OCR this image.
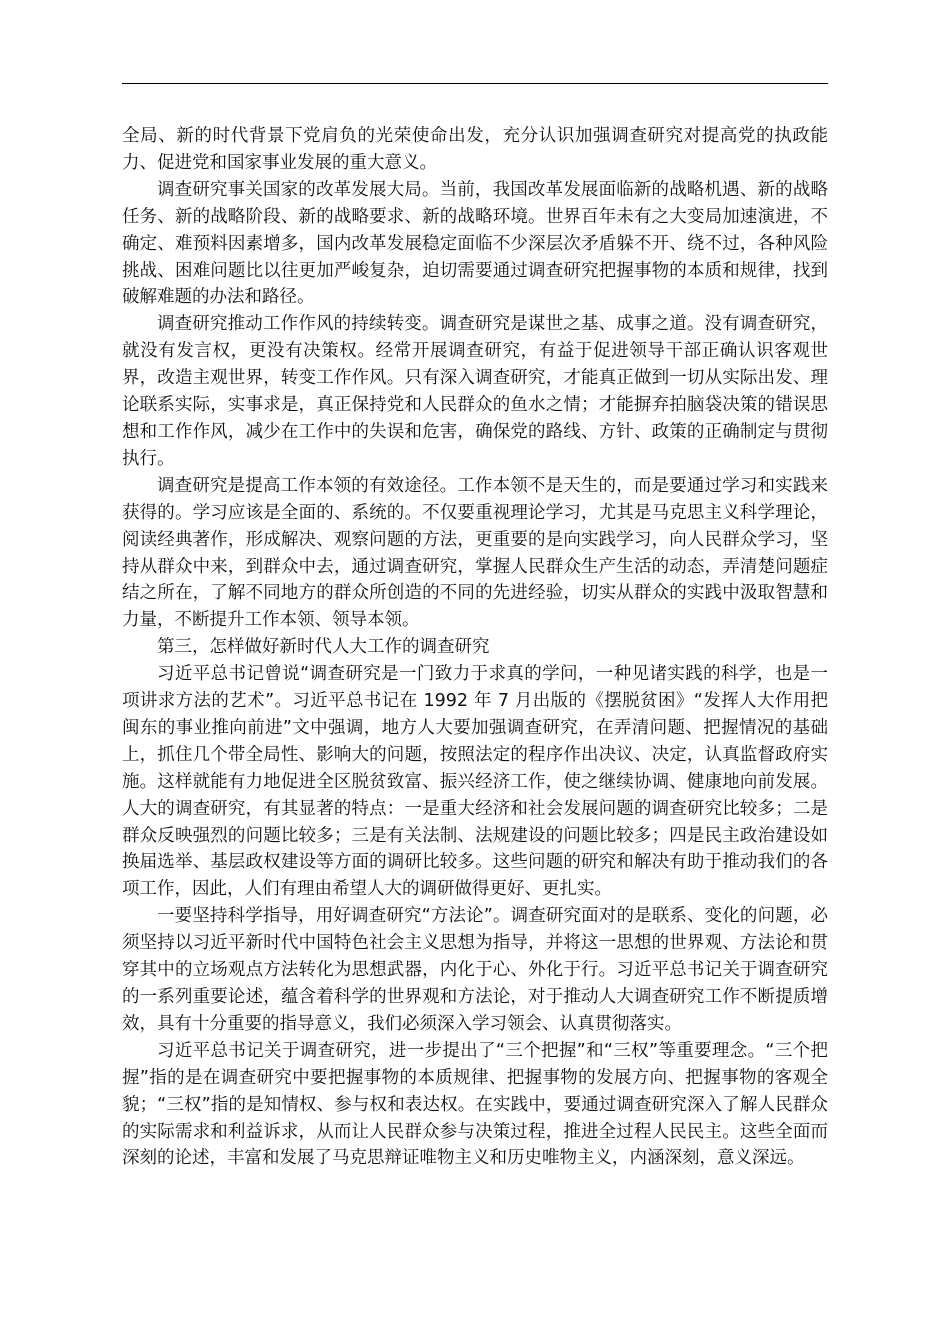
全局、新的时代背景下党肩负的光荣使命出发，充分认识加强调查研究对提高党的执政能力、促进党和国家事业发展的重大意义。

调查研究事关国家的改革发展大局。当前，我国改革发展面临新的战略机遇、新的战略任务、新的战略阶段、新的战略要求、新的战略环境。世界百年未有之大变局加速演进，不确定、难预料因素增多，国内改革发展稳定面临不少深层次矛盾躲不开、绕不过，各种风险挑战、困难问题比以往更加严峻复杂，迫切需要通过调查研究把握事物的本质和规律，找到破解难题的办法和路径。

调查研究推动工作作风的持续转变。调查研究是谋世之基、成事之道。没有调查研究，就没有发言权，更没有决策权。经常开展调查研究，有益于促进领导干部正确认识客观世界，改造主观世界，转变工作作风。只有深入调查研究，才能真正做到一切从实际出发、理论联系实际，实事求是，真正保持党和人民群众的鱼水之情；才能摒弃拍脑袋决策的错误思想和工作作风，减少在工作中的失误和危害，确保党的路线、方针、政策的正确制定与贯彻执行。

调查研究是提高工作本领的有效途径。工作本领不是天生的，而是要通过学习和实践来获得的。学习应该是全面的、系统的。不仅要重视理论学习，尤其是马克思主义科学理论，阅读经典著作，形成解决、观察问题的方法，更重要的是向实践学习，向人民群众学习，坚持从群众中来，到群众中去，通过调查研究，掌握人民群众生产生活的动态，弄清楚问题症结之所在，了解不同地方的群众所创造的不同的先进经验，切实从群众的实践中汲取智慧和力量，不断提升工作本领、领导本领。

第三，怎样做好新时代人大工作的调查研究

习近平总书记曾说“调查研究是一门致力于求真的学问，一种见诸实践的科学，也是一项讲求方法的艺术”。习近平总书记在 1992 年 7 月出版的《摆脱贫困》“发挥人大作用把闽东的事业推向前进”文中强调，地方人大要加强调查研究，在弄清问题、把握情况的基础上，抓住几个带全局性、影响大的问题，按照法定的程序作出决议、决定，认真监督政府实施。这样就能有力地促进全区脱贫致富、振兴经济工作，使之继续协调、健康地向前发展。人大的调查研究，有其显著的特点：一是重大经济和社会发展问题的调查研究比较多；二是群众反映强烈的问题比较多；三是有关法制、法规建设的问题比较多；四是民主政治建设如换届选举、基层政权建设等方面的调研比较多。这些问题的研究和解决有助于推动我们的各项工作，因此，人们有理由希望人大的调研做得更好、更扎实。

一要坚持科学指导，用好调查研究“方法论”。调查研究面对的是联系、变化的问题，必须坚持以习近平新时代中国特色社会主义思想为指导，并将这一思想的世界观、方法论和贯穿其中的立场观点方法转化为思想武器，内化于心、外化于行。习近平总书记关于调查研究的一系列重要论述，蕴含着科学的世界观和方法论，对于推动人大调查研究工作不断提质增效，具有十分重要的指导意义，我们必须深入学习领会、认真贯彻落实。

习近平总书记关于调查研究，进一步提出了“三个把握”和“三权”等重要理念。“三个把握”指的是在调查研究中要把握事物的本质规律、把握事物的发展方向、把握事物的客观全貌；“三权”指的是知情权、参与权和表达权。在实践中，要通过调查研究深入了解人民群众的实际需求和利益诉求，从而让人民群众参与决策过程，推进全过程人民民主。这些全面而深刻的论述，丰富和发展了马克思辩证唯物主义和历史唯物主义，内涵深刻，意义深远。
